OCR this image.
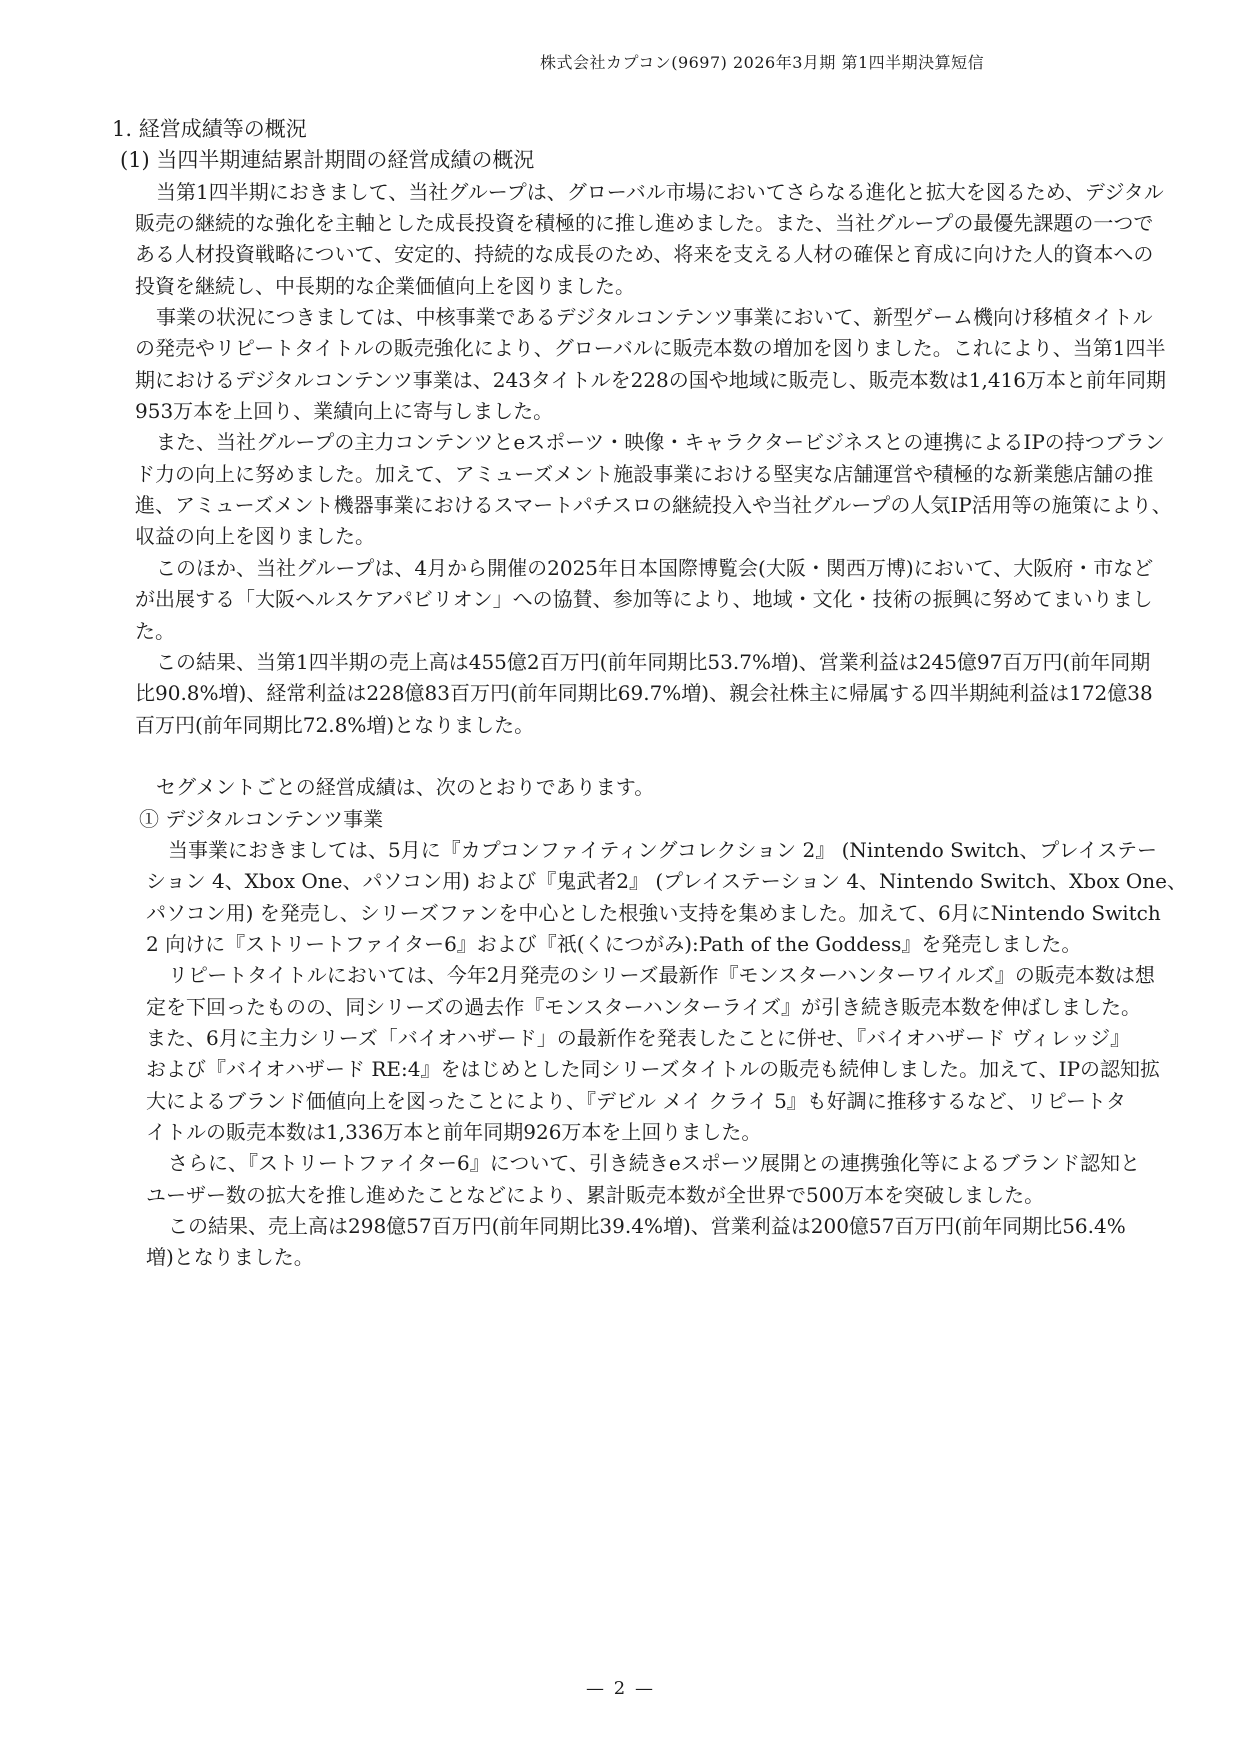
株式会社カプコン(9697) 2026年3月期 第1四半期決算短信
1. 経営成績等の概況
(1) 当四半期連結累計期間の経営成績の概況
当第1四半期におきまして、当社グループは、グローバル市場においてさらなる進化と拡大を図るため、デジタル
販売の継続的な強化を主軸とした成長投資を積極的に推し進めました。また、当社グループの最優先課題の一つで
ある人材投資戦略について、安定的、持続的な成長のため、将来を支える人材の確保と育成に向けた人的資本への
投資を継続し、中長期的な企業価値向上を図りました。
事業の状況につきましては、中核事業であるデジタルコンテンツ事業において、新型ゲーム機向け移植タイトル
の発売やリピートタイトルの販売強化により、グローバルに販売本数の増加を図りました。これにより、当第1四半
期におけるデジタルコンテンツ事業は、243タイトルを228の国や地域に販売し、販売本数は1,416万本と前年同期
953万本を上回り、業績向上に寄与しました。
また、当社グループの主力コンテンツとeスポーツ・映像・キャラクタービジネスとの連携によるIPの持つブラン
ド力の向上に努めました。加えて、アミューズメント施設事業における堅実な店舗運営や積極的な新業態店舗の推
進、アミューズメント機器事業におけるスマートパチスロの継続投入や当社グループの人気IP活用等の施策により、
収益の向上を図りました。
このほか、当社グループは、4月から開催の2025年日本国際博覧会(大阪・関西万博)において、大阪府・市など
が出展する「大阪ヘルスケアパビリオン」への協賛、参加等により、地域・文化・技術の振興に努めてまいりまし
た。
この結果、当第1四半期の売上高は455億2百万円(前年同期比53.7%増)、営業利益は245億97百万円(前年同期
比90.8%増)、経常利益は228億83百万円(前年同期比69.7%増)、親会社株主に帰属する四半期純利益は172億38
百万円(前年同期比72.8%増)となりました。
セグメントごとの経営成績は、次のとおりであります。
① デジタルコンテンツ事業
当事業におきましては、5月に『カプコンファイティングコレクション 2』 (Nintendo Switch、プレイステー
ション 4、Xbox One、パソコン用) および『鬼武者2』 (プレイステーション 4、Nintendo Switch、Xbox One、
パソコン用) を発売し、シリーズファンを中心とした根強い支持を集めました。加えて、6月にNintendo Switch
2 向けに『ストリートファイター6』および『祇(くにつがみ):Path of the Goddess』を発売しました。
リピートタイトルにおいては、今年2月発売のシリーズ最新作『モンスターハンターワイルズ』の販売本数は想
定を下回ったものの、同シリーズの過去作『モンスターハンターライズ』が引き続き販売本数を伸ばしました。
また、6月に主力シリーズ「バイオハザード」の最新作を発表したことに併せ、『バイオハザード ヴィレッジ』
および『バイオハザード RE:4』をはじめとした同シリーズタイトルの販売も続伸しました。加えて、IPの認知拡
大によるブランド価値向上を図ったことにより、『デビル メイ クライ 5』も好調に推移するなど、リピートタ
イトルの販売本数は1,336万本と前年同期926万本を上回りました。
さらに、『ストリートファイター6』について、引き続きeスポーツ展開との連携強化等によるブランド認知と
ユーザー数の拡大を推し進めたことなどにより、累計販売本数が全世界で500万本を突破しました。
この結果、売上高は298億57百万円(前年同期比39.4%増)、営業利益は200億57百万円(前年同期比56.4%
増)となりました。
— 2 —
